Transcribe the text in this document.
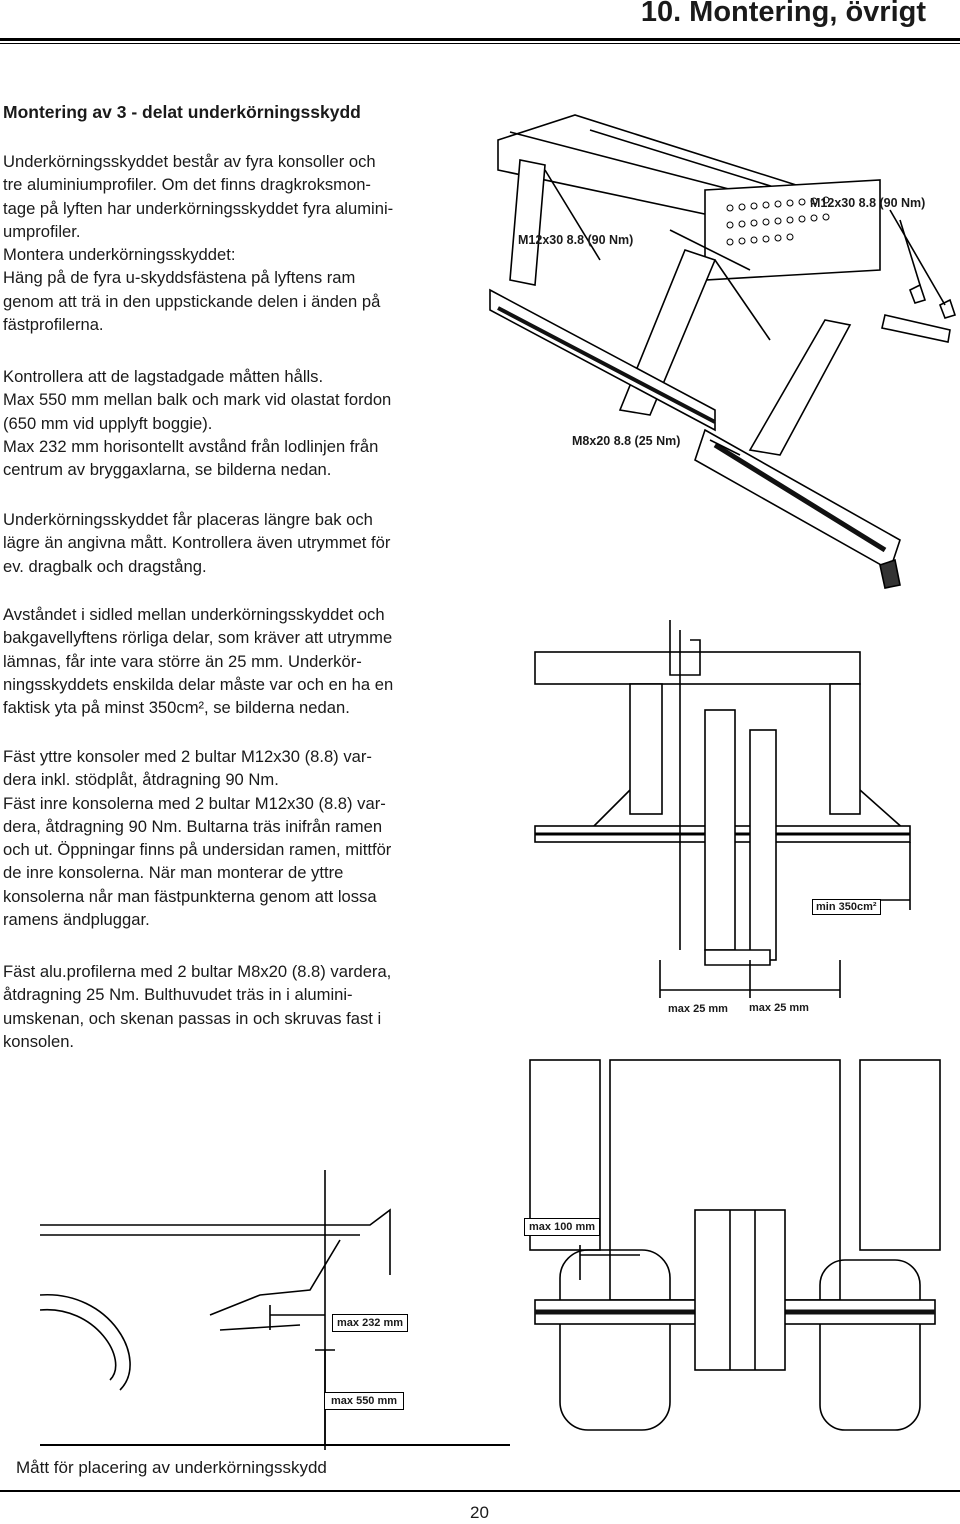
10. Montering, övrigt
Montering av 3 - delat underkörningsskydd
Underkörningsskyddet består av fyra konsoller och
tre aluminiumprofiler. Om det finns dragkroksmon-
tage på lyften har underkörningsskyddet fyra alumini-
umprofiler.
Montera underkörningsskyddet:
Häng på de fyra u-skyddsfästena på lyftens ram
genom att trä in den uppstickande delen i änden på
fästprofilerna.
Kontrollera att de lagstadgade måtten hålls.
Max 550 mm mellan balk och mark vid olastat fordon
(650 mm vid upplyft boggie).
Max 232 mm horisontellt avstånd från lodlinjen från
centrum av bryggaxlarna, se bilderna nedan.
Underkörningsskyddet får placeras längre bak och
lägre än angivna mått. Kontrollera även utrymmet för
ev. dragbalk och dragstång.
Avståndet i sidled mellan underkörningsskyddet och
bakgavellyftens rörliga delar, som kräver att utrymme
lämnas, får inte vara större än 25 mm. Underkör-
ningsskyddets enskilda delar måste var och en ha en
faktisk yta på minst 350cm², se bilderna nedan.
Fäst yttre konsoler med 2 bultar M12x30 (8.8) var-
dera inkl. stödplåt, åtdragning 90 Nm.
Fäst inre konsolerna med 2 bultar M12x30 (8.8) var-
dera, åtdragning 90 Nm. Bultarna träs inifrån ramen
och ut. Öppningar finns på undersidan ramen, mittför
de inre konsolerna. När man monterar de yttre
konsolerna når man fästpunkterna genom att lossa
ramens ändpluggar.
Fäst alu.profilerna med 2 bultar M8x20 (8.8) vardera,
åtdragning 25 Nm. Bulthuvudet träs in i alumini-
umskenan, och skenan passas in och skruvas fast i
konsolen.
M12x30 8.8 (90 Nm)
M12x30 8.8 (90 Nm)
M8x20 8.8 (25 Nm)
min 350cm²
max 25 mm max 25 mm
max 100 mm
max 232 mm
max 550 mm
Mått för placering av underkörningsskydd
20
